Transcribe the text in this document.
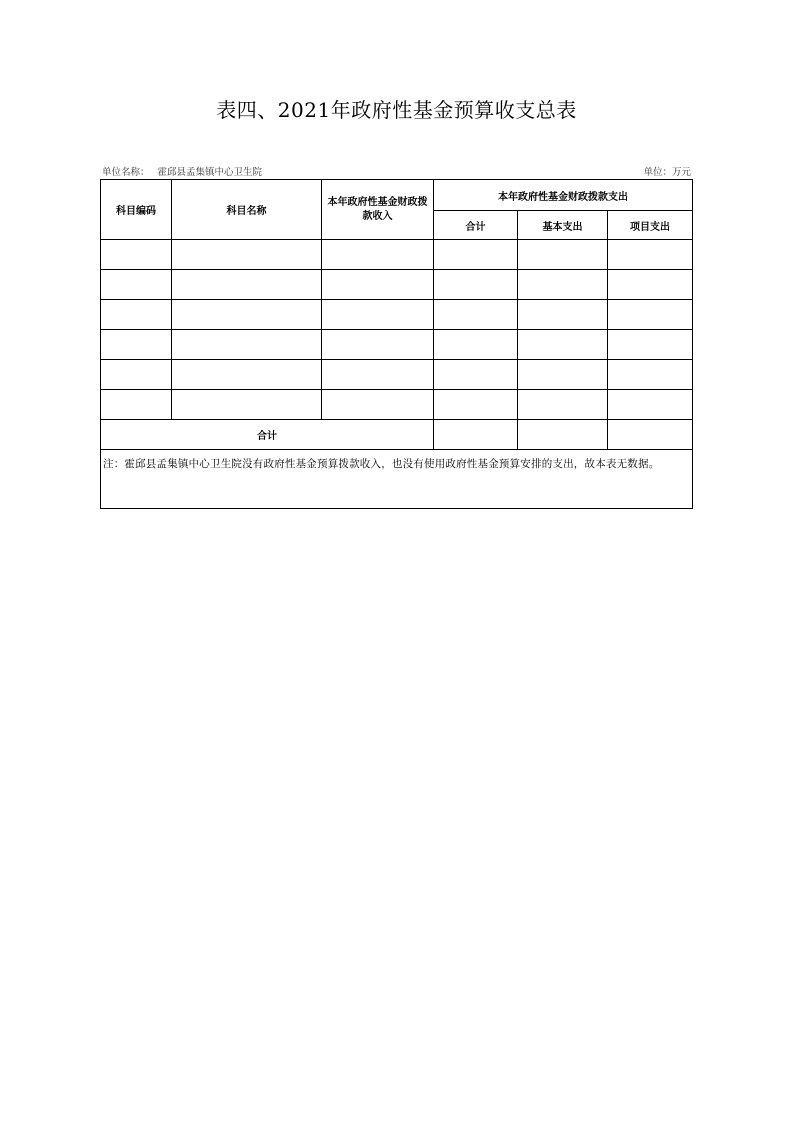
表四、2021年政府性基金预算收支总表
单位名称： 霍邱县孟集镇中心卫生院	单位：万元
科目编码	科目名称	本年政府性基金财政拨款收入	本年政府性基金财政拨款支出		
			合计	基本支出	项目支出

合计					
注：霍邱县孟集镇中心卫生院没有政府性基金预算拨款收入，也没有使用政府性基金预算安排的支出，故本表无数据。					
